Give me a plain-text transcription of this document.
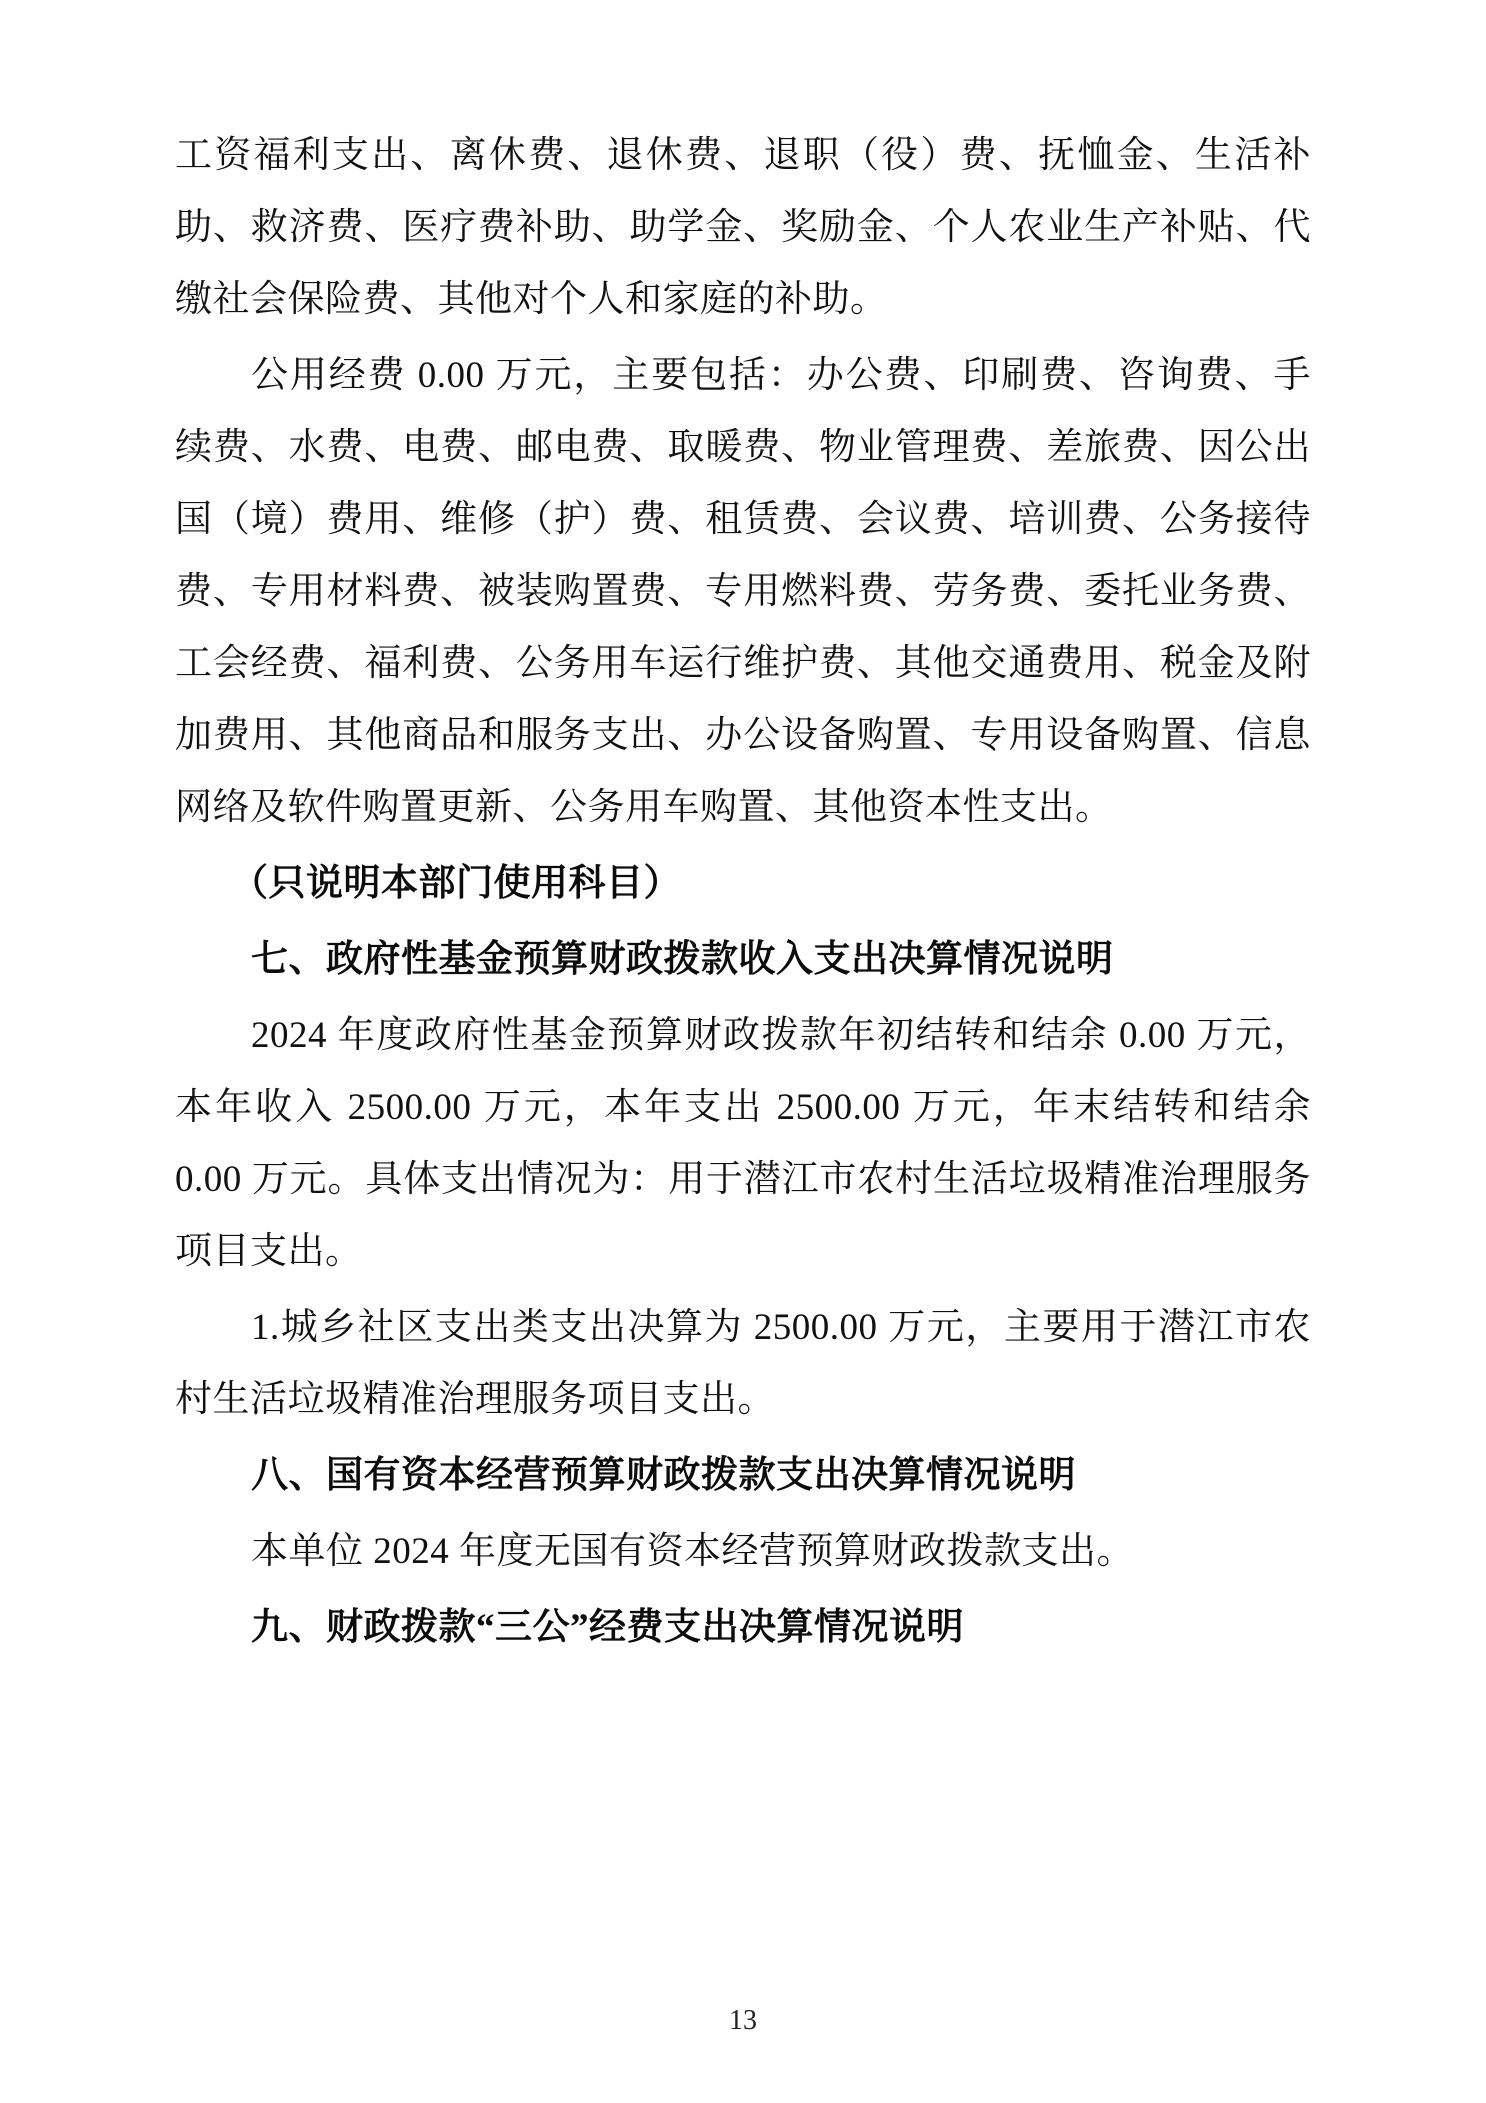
工资福利支出、离休费、退休费、退职（役）费、抚恤金、生活补助、救济费、医疗费补助、助学金、奖励金、个人农业生产补贴、代缴社会保险费、其他对个人和家庭的补助。

公用经费 0.00 万元，主要包括：办公费、印刷费、咨询费、手续费、水费、电费、邮电费、取暖费、物业管理费、差旅费、因公出国（境）费用、维修（护）费、租赁费、会议费、培训费、公务接待费、专用材料费、被装购置费、专用燃料费、劳务费、委托业务费、工会经费、福利费、公务用车运行维护费、其他交通费用、税金及附加费用、其他商品和服务支出、办公设备购置、专用设备购置、信息网络及软件购置更新、公务用车购置、其他资本性支出。

（只说明本部门使用科目）

七、政府性基金预算财政拨款收入支出决算情况说明

2024 年度政府性基金预算财政拨款年初结转和结余 0.00 万元，本年收入 2500.00 万元，本年支出 2500.00 万元，年末结转和结余 0.00 万元。具体支出情况为：用于潜江市农村生活垃圾精准治理服务项目支出。

1.城乡社区支出类支出决算为 2500.00 万元，主要用于潜江市农村生活垃圾精准治理服务项目支出。

八、国有资本经营预算财政拨款支出决算情况说明

本单位 2024 年度无国有资本经营预算财政拨款支出。

九、财政拨款“三公”经费支出决算情况说明

13
